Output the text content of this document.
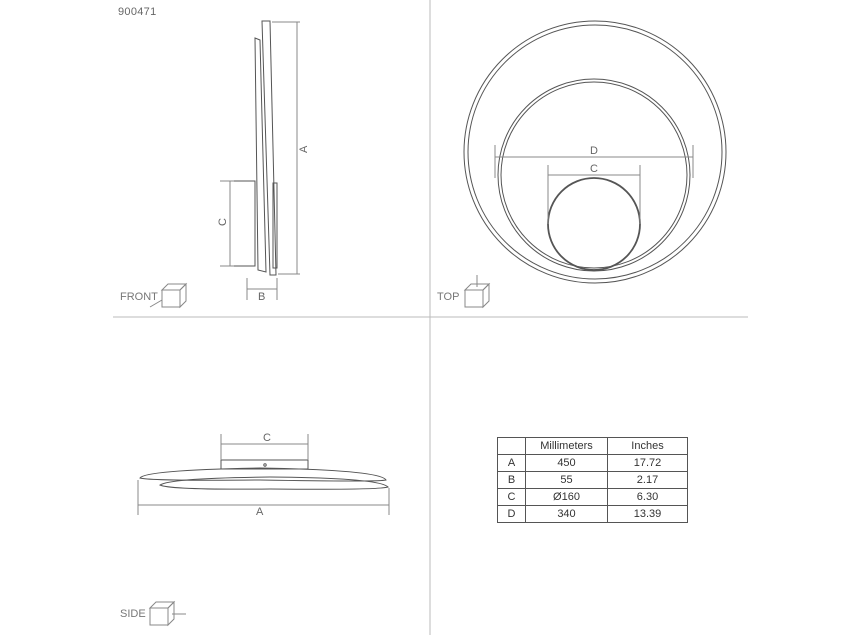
900471
A
C
B
D
C
C
A
FRONT	TOP
SIDE
	Millimeters	Inches
A	450	17.72
B	55	2.17
C	Ø160	6.30
D	340	13.39
